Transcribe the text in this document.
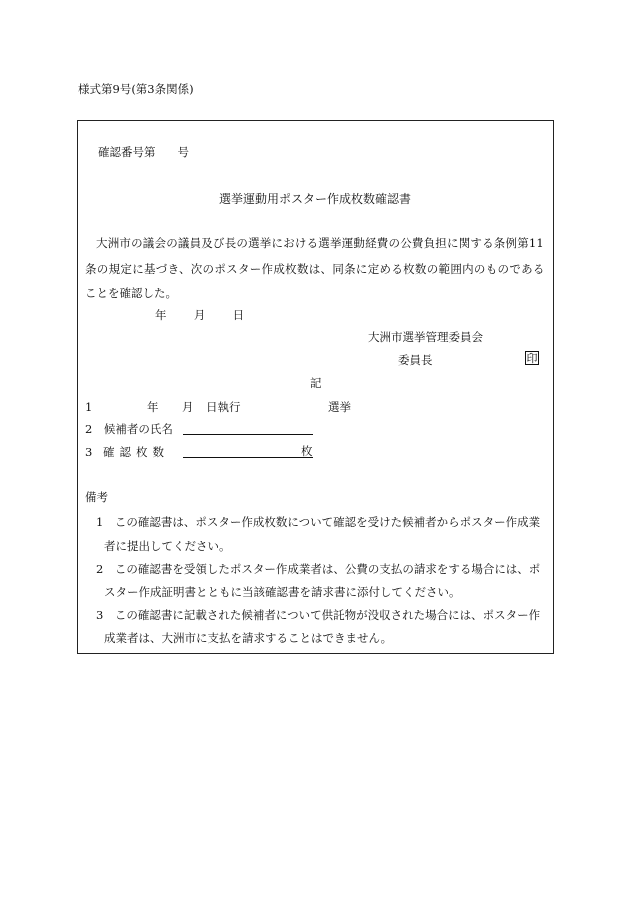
様式第9号(第3条関係)
確認番号第 号
選挙運動用ポスター作成枚数確認書
大洲市の議会の議員及び長の選挙における選挙運動経費の公費負担に関する条例第11
条の規定に基づき、次のポスター作成枚数は、同条に定める枚数の範囲内のものである
ことを確認した。
年 月 日
大洲市選挙管理委員会
委員長	印
記
1	年 月 日執行	選挙
2　候補者の氏名
3 確認枚数	枚
備考
1　この確認書は、ポスター作成枚数について確認を受けた候補者からポスター作成業
者に提出してください。
2　この確認書を受領したポスター作成業者は、公費の支払の請求をする場合には、ポ
スター作成証明書とともに当該確認書を請求書に添付してください。
3　この確認書に記載された候補者について供託物が没収された場合には、ポスター作
成業者は、大洲市に支払を請求することはできません。
